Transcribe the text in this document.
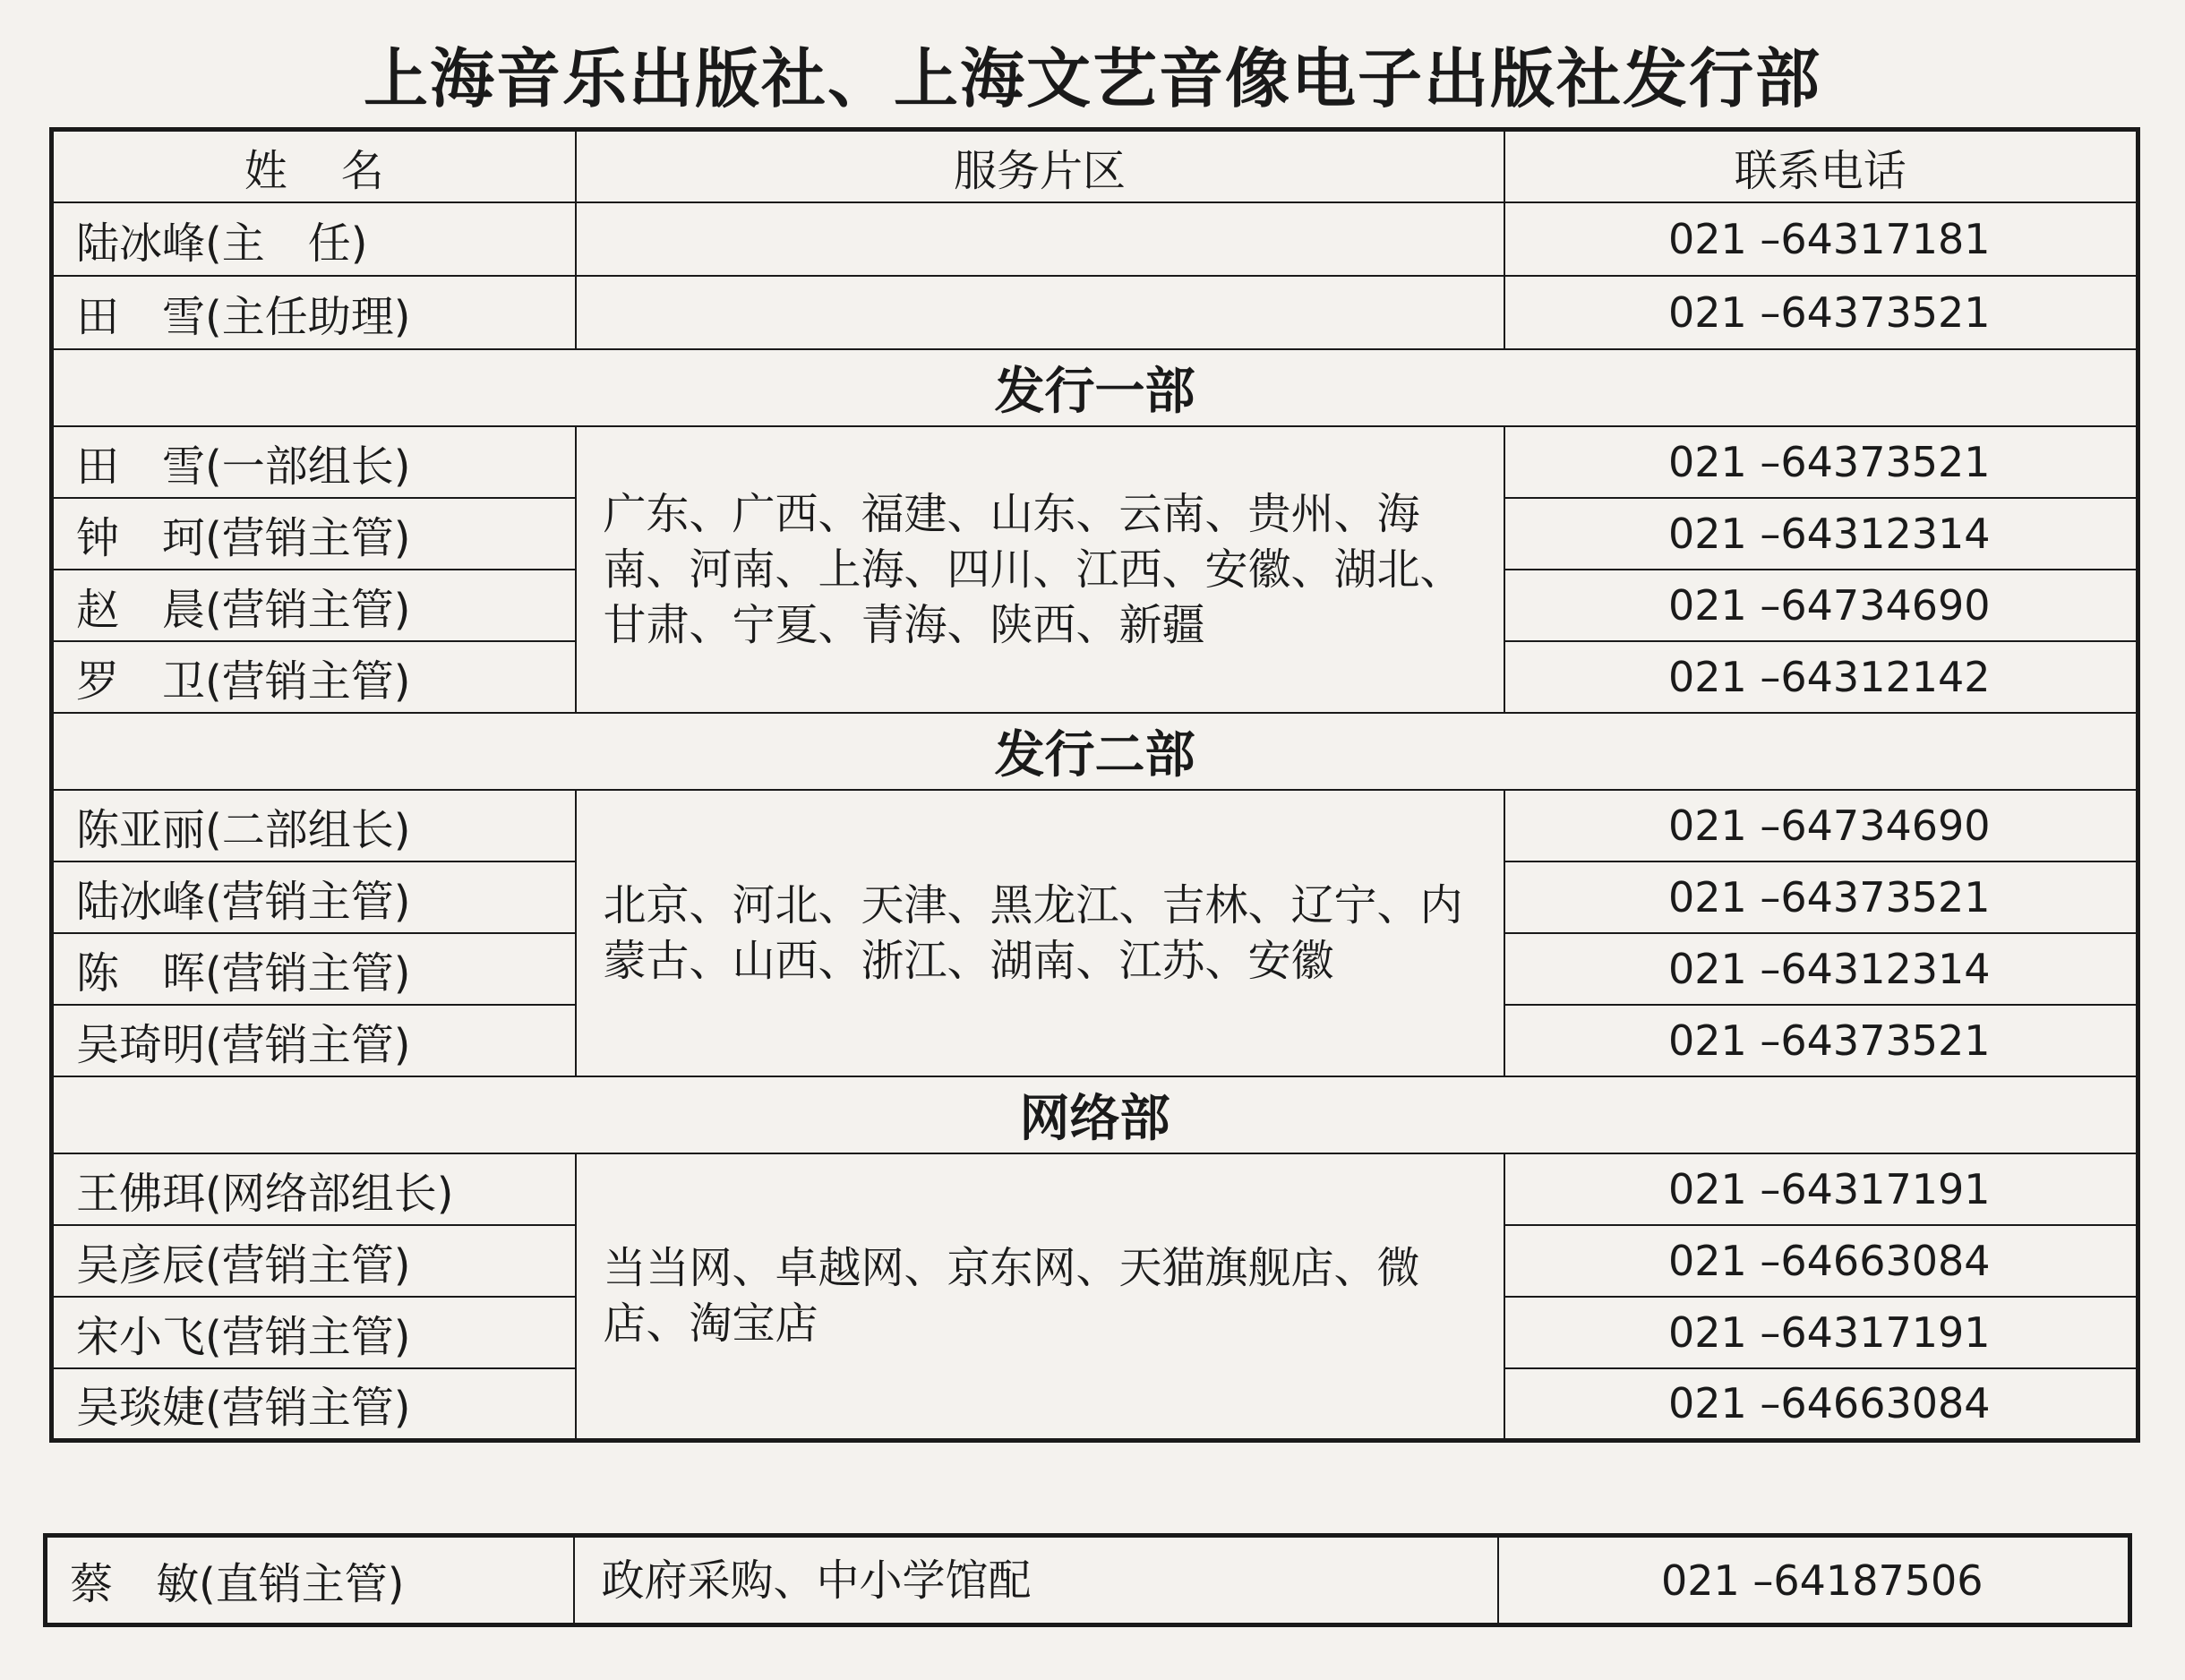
上海音乐出版社、上海文艺音像电子出版社发行部
姓名	服务片区	联系电话
陆冰峰(主　任)		021 –64317181
田　雪(主任助理)		021 –64373521
发行一部		
田　雪(一部组长)	广东、广西、福建、山东、云南、贵州、海南、河南、上海、四川、江西、安徽、湖北、甘肃、宁夏、青海、陕西、新疆	021 –64373521
钟　珂(营销主管)		021 –64312314
赵　晨(营销主管)		021 –64734690
罗　卫(营销主管)		021 –64312142
发行二部		
陈亚丽(二部组长)	北京、河北、天津、黑龙江、吉林、辽宁、内蒙古、山西、浙江、湖南、江苏、安徽	021 –64734690
陆冰峰(营销主管)		021 –64373521
陈　晖(营销主管)		021 –64312314
吴琦明(营销主管)		021 –64373521
网络部		
王佛珥(网络部组长)	当当网、卓越网、京东网、天猫旗舰店、微店、淘宝店	021 –64317191
吴彦辰(营销主管)		021 –64663084
宋小飞(营销主管)		021 –64317191
吴琰婕(营销主管)		021 –64663084
蔡　敏(直销主管)	政府采购、中小学馆配	021 –64187506
